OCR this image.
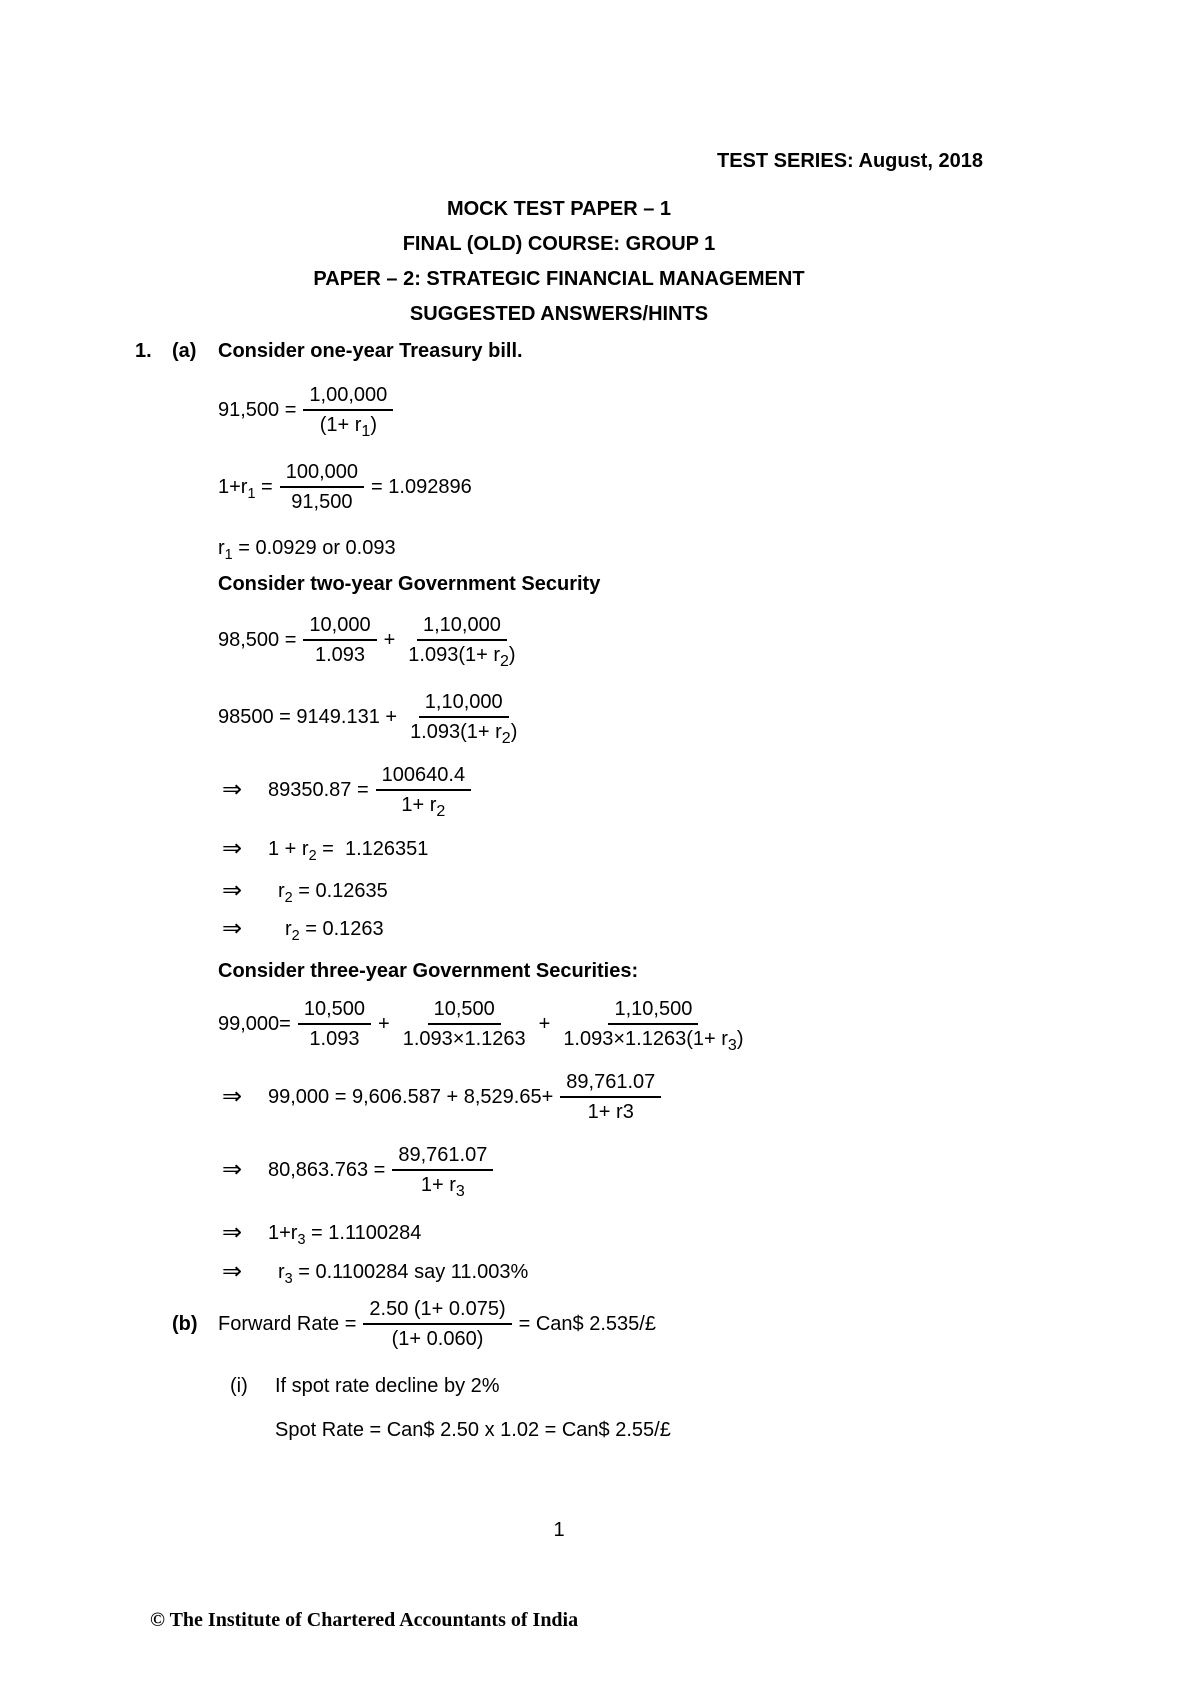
TEST SERIES: August, 2018
MOCK TEST PAPER – 1
FINAL (OLD) COURSE: GROUP 1
PAPER – 2: STRATEGIC FINANCIAL MANAGEMENT
SUGGESTED ANSWERS/HINTS
1.	(a)	Consider one-year Treasury bill.
$91,500 = \frac{1,00,000}{(1+ r_1)}$
$1+r_1 = \frac{100,000}{91,500} = 1.092896$
$r_1 = 0.0929$ or 0.093
Consider two-year Government Security
$98,500 = \frac{10,000}{1.093} + \frac{1,10,000}{1.093(1+ r_2)}$
$98500 = 9149.131 + \frac{1,10,000}{1.093(1+ r_2)}$
⇒	$89350.87 = \frac{100640.4}{1+ r_2}$
⇒	$1 + r_2 = 1.126351$
⇒	$r_2 = 0.12635$
⇒	$r_2 = 0.1263$
Consider three-year Government Securities:
$99,000= \frac{10,500}{1.093} + \frac{10,500}{1.093\times 1.1263} + \frac{1,10,500}{1.093\times 1.1263(1+ r_3)}$
⇒	$99,000 = 9,606.587 + 8,529.65+ \frac{89,761.07}{1+ r3}$
⇒	$80,863.763 = \frac{89,761.07}{1+ r_3}$
⇒	$1+r_3 = 1.1100284$
⇒	$r_3 = 0.1100284$ say 11.003%
(b)	Forward Rate = $\frac{2.50 (1+ 0.075)}{(1+ 0.060)}$ = Can$ 2.535/£
(i)	If spot rate decline by 2%
Spot Rate = Can$ 2.50 x 1.02 = Can$ 2.55/£
1
© The Institute of Chartered Accountants of India
